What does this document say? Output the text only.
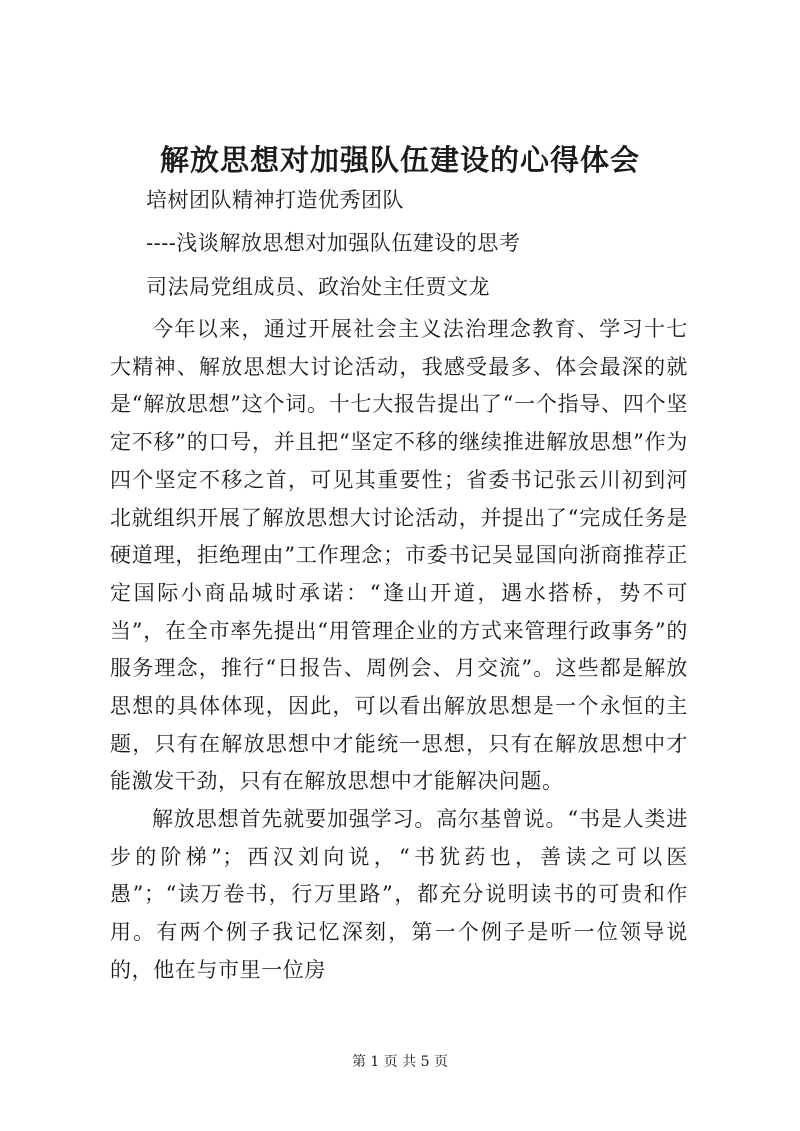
解放思想对加强队伍建设的心得体会

培树团队精神打造优秀团队

----浅谈解放思想对加强队伍建设的思考

司法局党组成员、政治处主任贾文龙

今年以来，通过开展社会主义法治理念教育、学习十七大精神、解放思想大讨论活动，我感受最多、体会最深的就是“解放思想”这个词。十七大报告提出了“一个指导、四个坚定不移”的口号，并且把“坚定不移的继续推进解放思想”作为四个坚定不移之首，可见其重要性；省委书记张云川初到河北就组织开展了解放思想大讨论活动，并提出了“完成任务是硬道理，拒绝理由”工作理念；市委书记吴显国向浙商推荐正定国际小商品城时承诺：“逢山开道，遇水搭桥，势不可当”，在全市率先提出“用管理企业的方式来管理行政事务”的服务理念，推行“日报告、周例会、月交流”。这些都是解放思想的具体体现，因此，可以看出解放思想是一个永恒的主题，只有在解放思想中才能统一思想，只有在解放思想中才能激发干劲，只有在解放思想中才能解决问题。

解放思想首先就要加强学习。高尔基曾说。“书是人类进步的阶梯”；西汉刘向说，“书犹药也，善读之可以医愚”；“读万卷书，行万里路”，都充分说明读书的可贵和作用。有两个例子我记忆深刻，第一个例子是听一位领导说的，他在与市里一位房

第 1 页 共 5 页
